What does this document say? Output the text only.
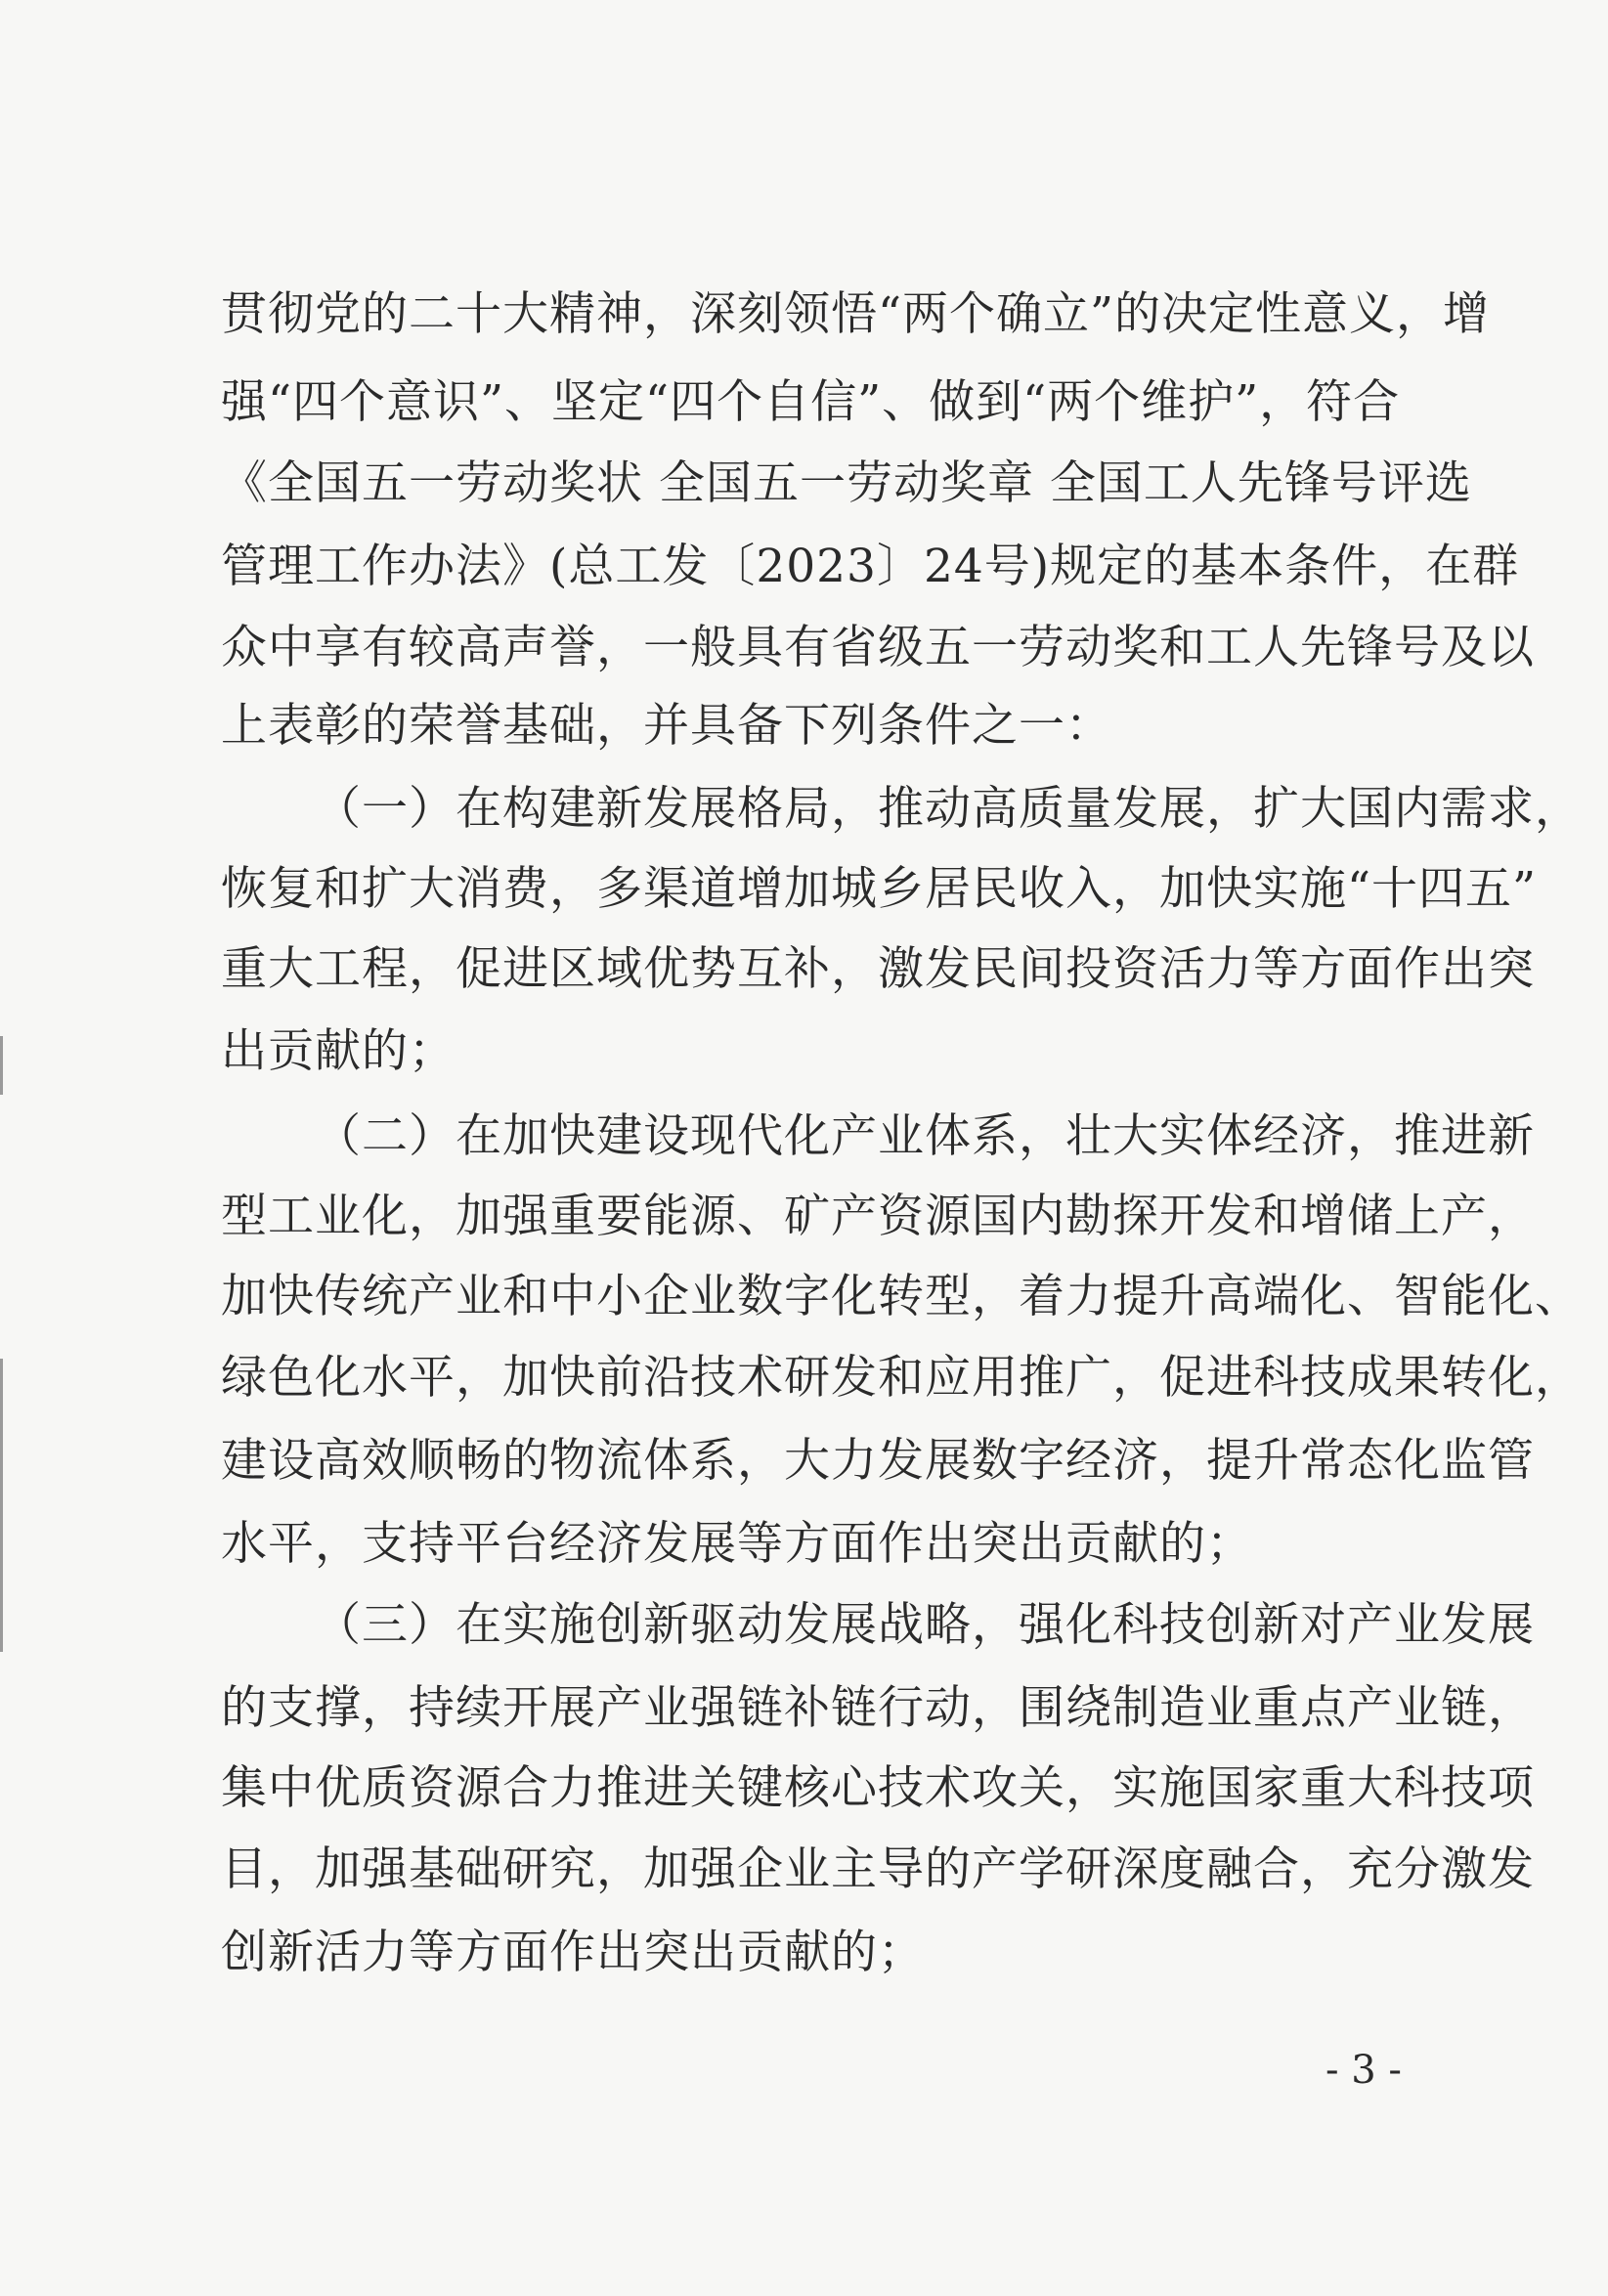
贯彻党的二十大精神，深刻领悟“两个确立”的决定性意义，增
强“四个意识”、坚定“四个自信”、做到“两个维护”，符合
《全国五一劳动奖状 全国五一劳动奖章 全国工人先锋号评选
管理工作办法》(总工发〔2023〕24号)规定的基本条件，在群
众中享有较高声誉，一般具有省级五一劳动奖和工人先锋号及以
上表彰的荣誉基础，并具备下列条件之一：
（一）在构建新发展格局，推动高质量发展，扩大国内需求，
恢复和扩大消费，多渠道增加城乡居民收入，加快实施“十四五”
重大工程，促进区域优势互补，激发民间投资活力等方面作出突
出贡献的；
（二）在加快建设现代化产业体系，壮大实体经济，推进新
型工业化，加强重要能源、矿产资源国内勘探开发和增储上产，
加快传统产业和中小企业数字化转型，着力提升高端化、智能化、
绿色化水平，加快前沿技术研发和应用推广，促进科技成果转化，
建设高效顺畅的物流体系，大力发展数字经济，提升常态化监管
水平，支持平台经济发展等方面作出突出贡献的；
（三）在实施创新驱动发展战略，强化科技创新对产业发展
的支撑，持续开展产业强链补链行动，围绕制造业重点产业链，
集中优质资源合力推进关键核心技术攻关，实施国家重大科技项
目，加强基础研究，加强企业主导的产学研深度融合，充分激发
创新活力等方面作出突出贡献的；
- 3 -
